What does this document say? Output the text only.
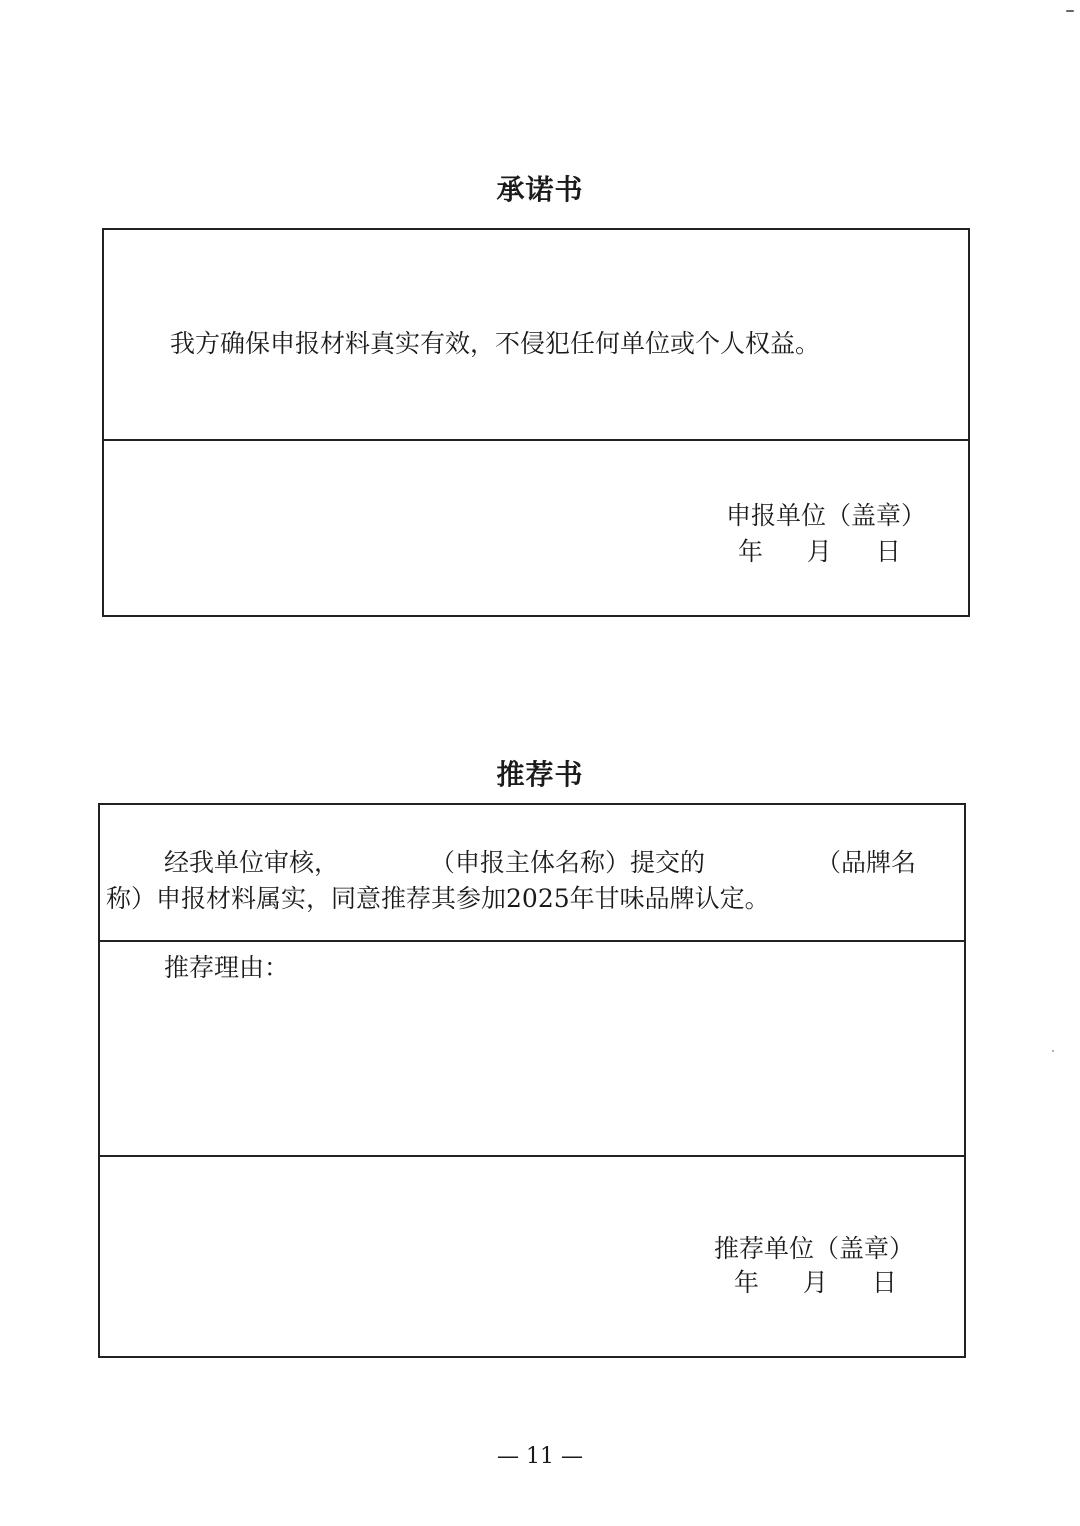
承诺书
我方确保申报材料真实有效，不侵犯任何单位或个人权益。
申报单位（盖章）
年 月 日
推荐书
经我单位审核，	（申报主体名称）提交的	（品牌名
称）申报材料属实，同意推荐其参加2025年甘味品牌认定。
推荐理由：
推荐单位（盖章）
年 月 日
— 11 —
